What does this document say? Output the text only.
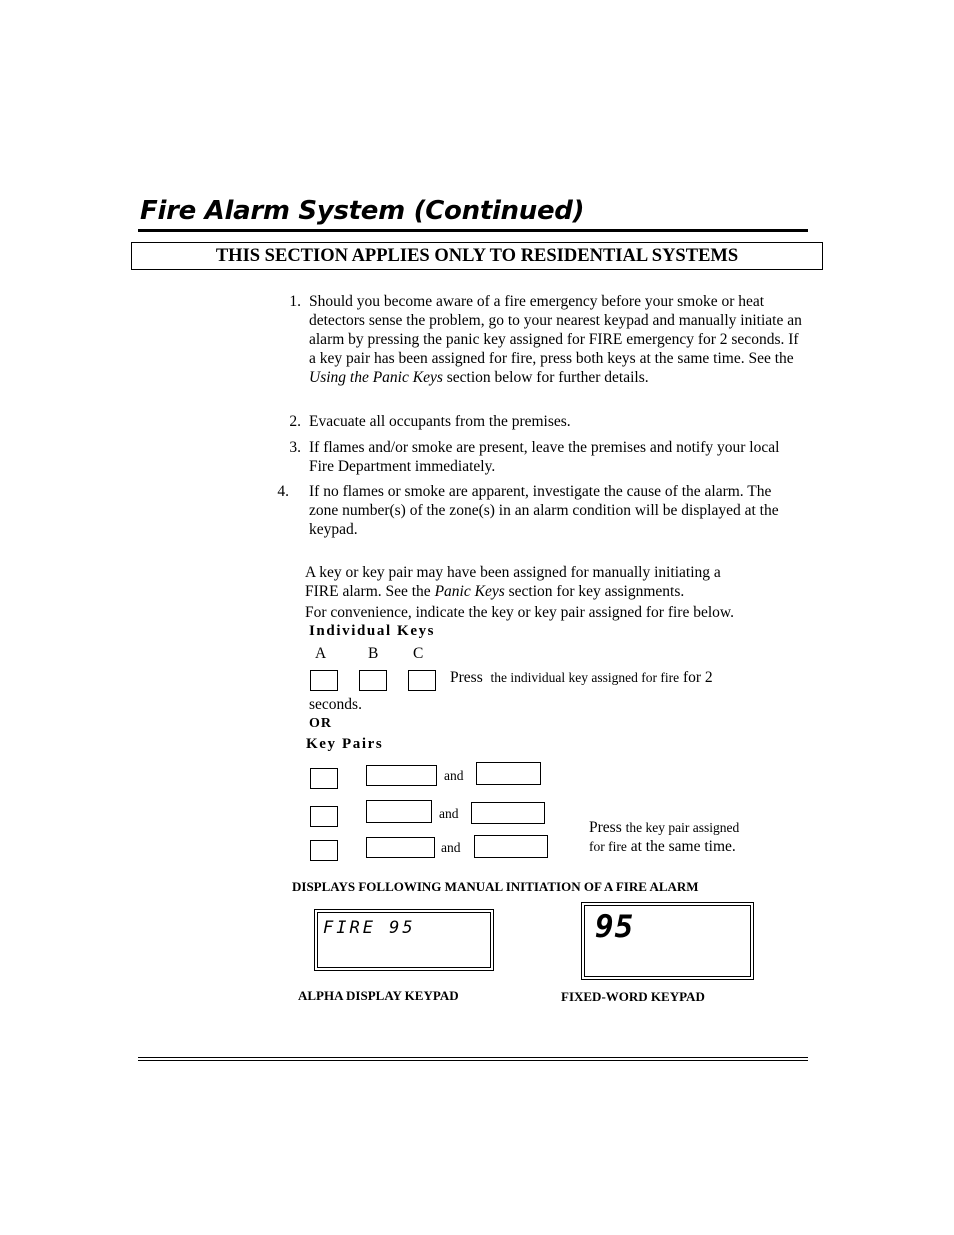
Fire Alarm System (Continued)
THIS SECTION APPLIES ONLY TO RESIDENTIAL SYSTEMS
1. Should you become aware of a fire emergency before your smoke or heat detectors sense the problem, go to your nearest keypad and manually initiate an alarm by pressing the panic key assigned for FIRE emergency for 2 seconds. If a key pair has been assigned for fire, press both keys at the same time. See the Using the Panic Keys section below for further details.
2. Evacuate all occupants from the premises.
3. If flames and/or smoke are present, leave the premises and notify your local Fire Department immediately.
4. If no flames or smoke are apparent, investigate the cause of the alarm. The zone number(s) of the zone(s) in an alarm condition will be displayed at the keypad.
A key or key pair may have been assigned for manually initiating a
FIRE alarm. See the Panic Keys section for key assignments.
For convenience, indicate the key or key pair assigned for fire below.
Individual Keys
A	B C
Press the individual key assigned for fire for 2
seconds.
OR
Key Pairs
and
and
and
Press the key pair assigned
for fire at the same time.
DISPLAYS FOLLOWING MANUAL INITIATION OF A FIRE ALARM
FIRE 95	95
ALPHA DISPLAY KEYPAD	FIXED-WORD KEYPAD
